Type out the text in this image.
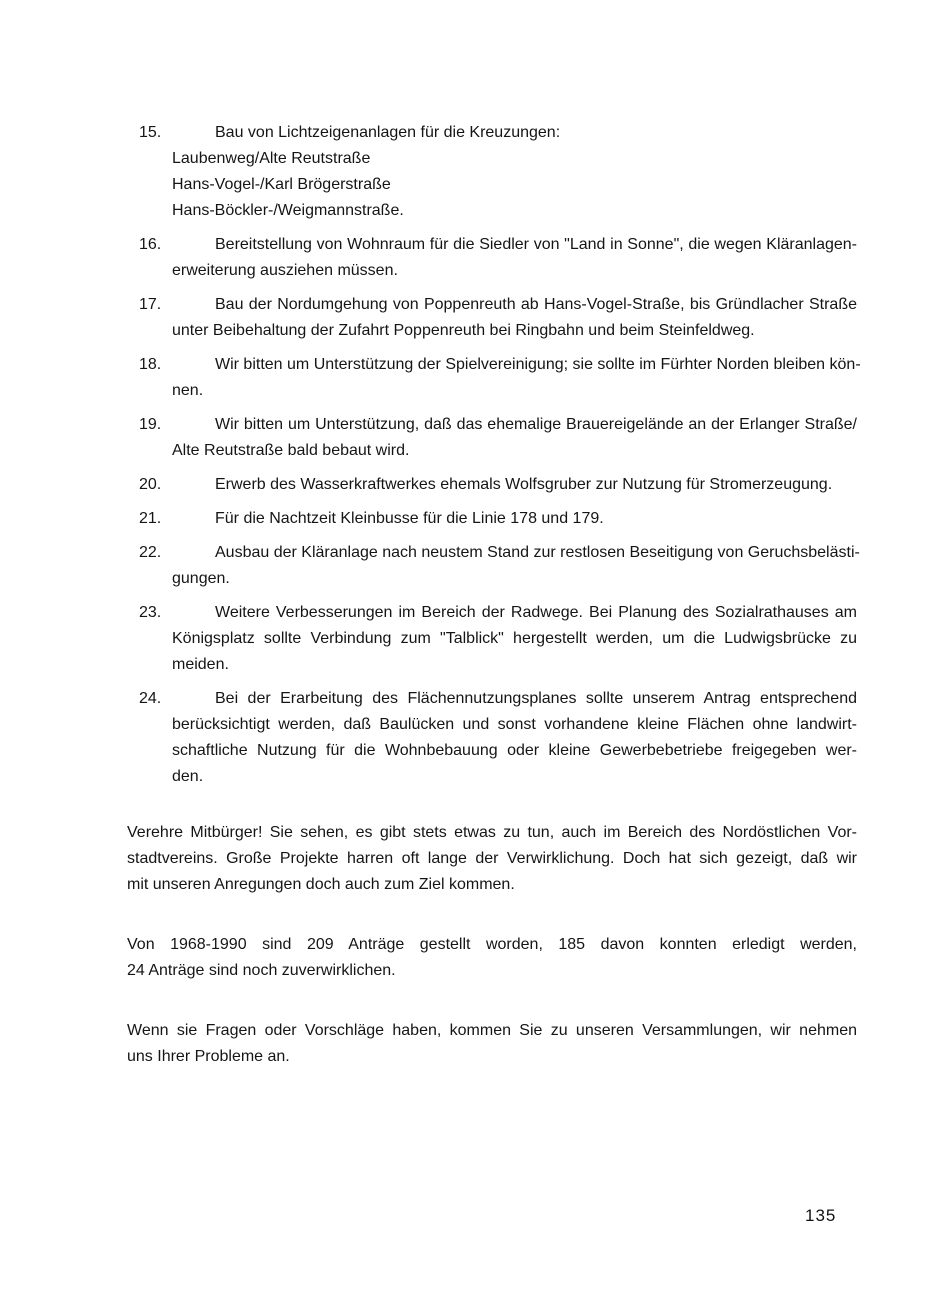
15.	Bau von Lichtzeigenanlagen für die Kreuzungen:
Laubenweg/Alte Reutstraße
Hans-Vogel-/Karl Brögerstraße
Hans-Böckler-/Weigmannstraße.
16.	Bereitstellung von Wohnraum für die Siedler von "Land in Sonne", die wegen Kläranlagen-
erweiterung ausziehen müssen.
17.	Bau der Nordumgehung von Poppenreuth ab Hans-Vogel-Straße, bis Gründlacher Straße
unter Beibehaltung der Zufahrt Poppenreuth bei Ringbahn und beim Steinfeldweg.
18.	Wir bitten um Unterstützung der Spielvereinigung; sie sollte im Fürhter Norden bleiben kön-
nen.
19.	Wir bitten um Unterstützung, daß das ehemalige Brauereigelände an der Erlanger Straße/
Alte Reutstraße bald bebaut wird.
20.	Erwerb des Wasserkraftwerkes ehemals Wolfsgruber zur Nutzung für Stromerzeugung.
21.	Für die Nachtzeit Kleinbusse für die Linie 178 und 179.
22.	Ausbau der Kläranlage nach neustem Stand zur restlosen Beseitigung von Geruchsbelästi-
gungen.
23.	Weitere Verbesserungen im Bereich der Radwege. Bei Planung des Sozialrathauses am
Königsplatz sollte Verbindung zum "Talblick" hergestellt werden, um die Ludwigsbrücke zu
meiden.
24.	Bei der Erarbeitung des Flächennutzungsplanes sollte unserem Antrag entsprechend
berücksichtigt werden, daß Baulücken und sonst vorhandene kleine Flächen ohne landwirt-
schaftliche Nutzung für die Wohnbebauung oder kleine Gewerbebetriebe freigegeben wer-
den.
Verehre Mitbürger! Sie sehen, es gibt stets etwas zu tun, auch im Bereich des Nordöstlichen Vor-
stadtvereins. Große Projekte harren oft lange der Verwirklichung. Doch hat sich gezeigt, daß wir
mit unseren Anregungen doch auch zum Ziel kommen.
Von 1968-1990 sind 209 Anträge gestellt worden, 185 davon konnten erledigt werden,
24 Anträge sind noch zuverwirklichen.
Wenn sie Fragen oder Vorschläge haben, kommen Sie zu unseren Versammlungen, wir nehmen
uns Ihrer Probleme an.
135
